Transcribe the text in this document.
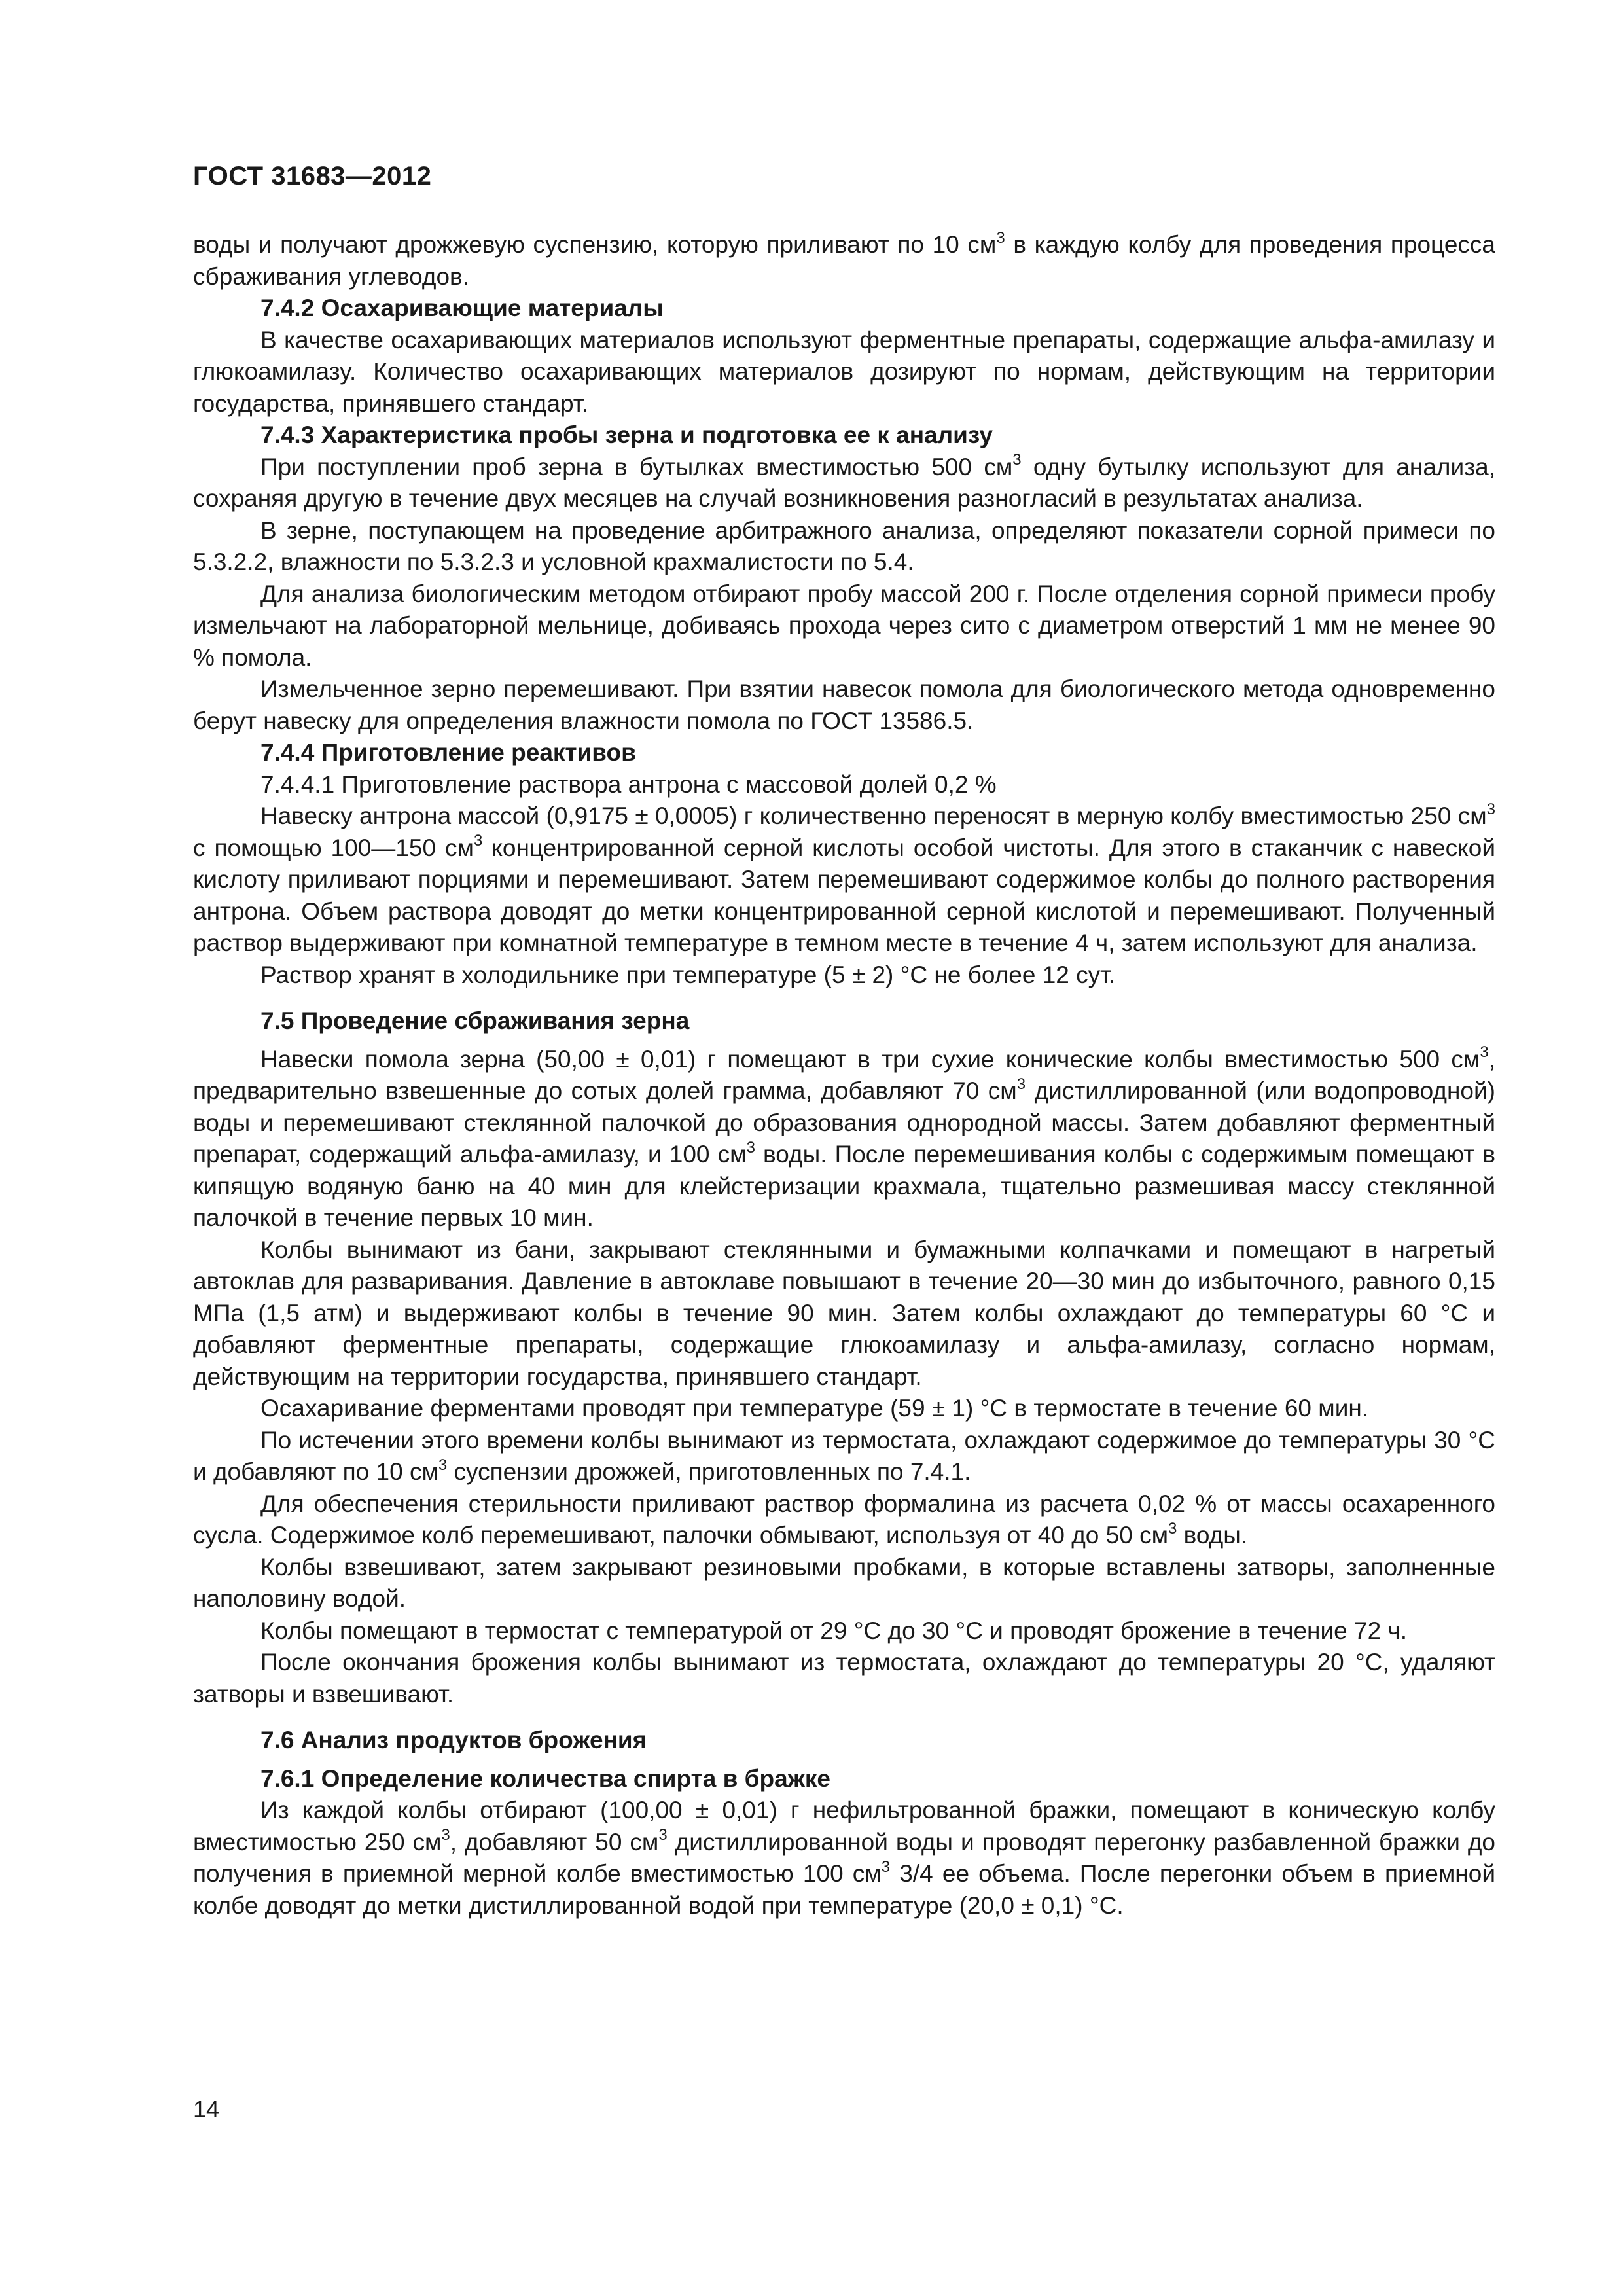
ГОСТ 31683—2012

воды и получают дрожжевую суспензию, которую приливают по 10 $см^3$ в каждую колбу для проведения процесса сбраживания углеводов.

7.4.2 Осахаривающие материалы

В качестве осахаривающих материалов используют ферментные препараты, содержащие альфа-амилазу и глюкоамилазу. Количество осахаривающих материалов дозируют по нормам, действующим на территории государства, принявшего стандарт.

7.4.3 Характеристика пробы зерна и подготовка ее к анализу

При поступлении проб зерна в бутылках вместимостью 500 $см^3$ одну бутылку используют для анализа, сохраняя другую в течение двух месяцев на случай возникновения разногласий в результатах анализа.

В зерне, поступающем на проведение арбитражного анализа, определяют показатели сорной примеси по 5.3.2.2, влажности по 5.3.2.3 и условной крахмалистости по 5.4.

Для анализа биологическим методом отбирают пробу массой 200 г. После отделения сорной примеси пробу измельчают на лабораторной мельнице, добиваясь прохода через сито с диаметром отверстий 1 мм не менее 90 % помола.

Измельченное зерно перемешивают. При взятии навесок помола для биологического метода одновременно берут навеску для определения влажности помола по ГОСТ 13586.5.

7.4.4 Приготовление реактивов

7.4.4.1 Приготовление раствора антрона с массовой долей 0,2 %

Навеску антрона массой (0,9175 ± 0,0005) г количественно переносят в мерную колбу вместимостью 250 $см^3$ с помощью 100—150 $см^3$ концентрированной серной кислоты особой чистоты. Для этого в стаканчик с навеской кислоту приливают порциями и перемешивают. Затем перемешивают содержимое колбы до полного растворения антрона. Объем раствора доводят до метки концентрированной серной кислотой и перемешивают. Полученный раствор выдерживают при комнатной температуре в темном месте в течение 4 ч, затем используют для анализа.

Раствор хранят в холодильнике при температуре (5 ± 2) °С не более 12 сут.

7.5 Проведение сбраживания зерна

Навески помола зерна (50,00 ± 0,01) г помещают в три сухие конические колбы вместимостью 500 $см^3$, предварительно взвешенные до сотых долей грамма, добавляют 70 $см^3$ дистиллированной (или водопроводной) воды и перемешивают стеклянной палочкой до образования однородной массы. Затем добавляют ферментный препарат, содержащий альфа-амилазу, и 100 $см^3$ воды. После перемешивания колбы с содержимым помещают в кипящую водяную баню на 40 мин для клейстеризации крахмала, тщательно размешивая массу стеклянной палочкой в течение первых 10 мин.

Колбы вынимают из бани, закрывают стеклянными и бумажными колпачками и помещают в нагретый автоклав для разваривания. Давление в автоклаве повышают в течение 20—30 мин до избыточного, равного 0,15 МПа (1,5 атм) и выдерживают колбы в течение 90 мин. Затем колбы охлаждают до температуры 60 °С и добавляют ферментные препараты, содержащие глюкоамилазу и альфа-амилазу, согласно нормам, действующим на территории государства, принявшего стандарт.

Осахаривание ферментами проводят при температуре (59 ± 1) °С в термостате в течение 60 мин.

По истечении этого времени колбы вынимают из термостата, охлаждают содержимое до температуры 30 °С и добавляют по 10 $см^3$ суспензии дрожжей, приготовленных по 7.4.1.

Для обеспечения стерильности приливают раствор формалина из расчета 0,02 % от массы осахаренного сусла. Содержимое колб перемешивают, палочки обмывают, используя от 40 до 50 $см^3$ воды.

Колбы взвешивают, затем закрывают резиновыми пробками, в которые вставлены затворы, заполненные наполовину водой.

Колбы помещают в термостат с температурой от 29 °С до 30 °С и проводят брожение в течение 72 ч.

После окончания брожения колбы вынимают из термостата, охлаждают до температуры 20 °С, удаляют затворы и взвешивают.

7.6 Анализ продуктов брожения
7.6.1 Определение количества спирта в бражке

Из каждой колбы отбирают (100,00 ± 0,01) г нефильтрованной бражки, помещают в коническую колбу вместимостью 250 $см^3$, добавляют 50 $см^3$ дистиллированной воды и проводят перегонку разбавленной бражки до получения в приемной мерной колбе вместимостью 100 $см^3$ 3/4 ее объема. После перегонки объем в приемной колбе доводят до метки дистиллированной водой при температуре (20,0 ± 0,1) °С.

14
